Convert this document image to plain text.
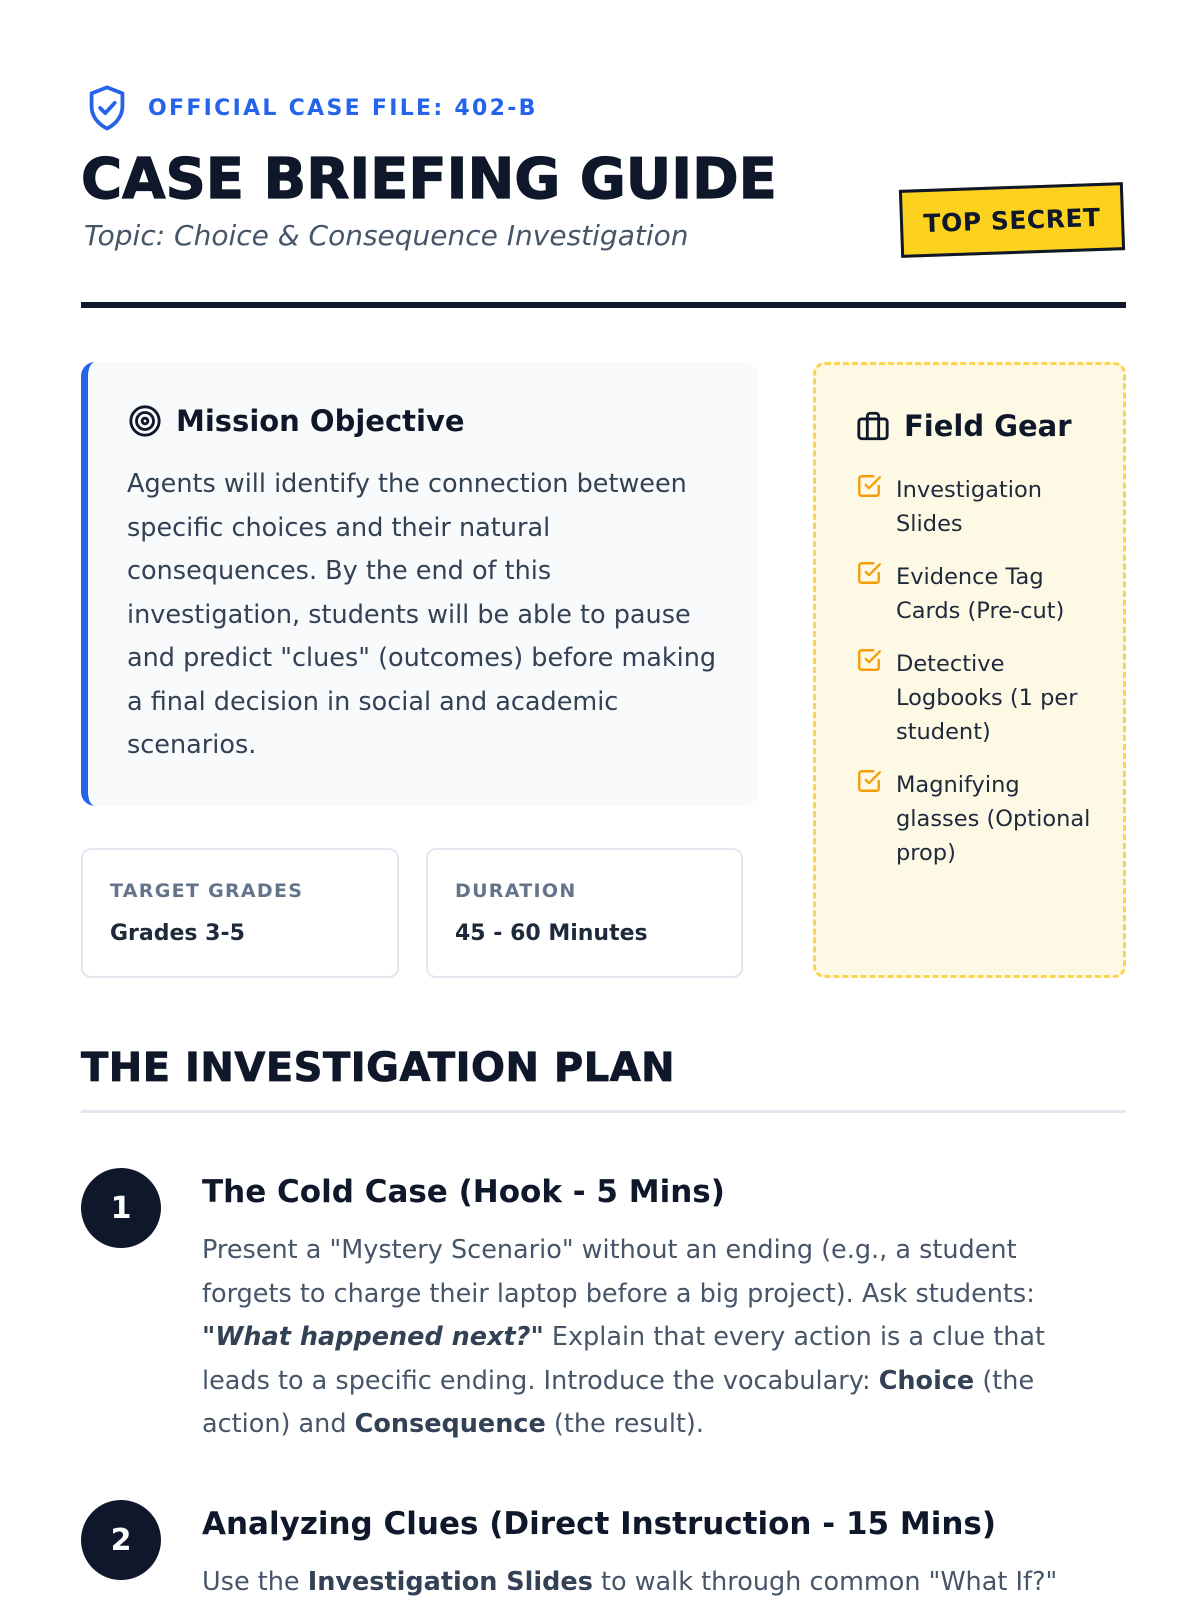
OFFICIAL CASE FILE: 402-B
CASE BRIEFING GUIDE
Topic: Choice & Consequence Investigation	TOP SECRET
Mission Objective

Agents will identify the connection between specific choices and their natural consequences. By the end of this investigation, students will be able to pause and predict "clues" (outcomes) before making a final decision in social and academic scenarios.

TARGET GRADES
Grades 3-5
DURATION
45 - 60 Minutes
Field Gear
Investigation Slides
Evidence Tag Cards (Pre-cut)
Detective Logbooks (1 per student)
Magnifying glasses (Optional prop)
THE INVESTIGATION PLAN
1	The Cold Case (Hook - 5 Mins)

Present a "Mystery Scenario" without an ending (e.g., a student forgets to charge their laptop before a big project). Ask students: "What happened next?" Explain that every action is a clue that leads to a specific ending. Introduce the vocabulary: Choice (the action) and Consequence (the result).

2	Analyzing Clues (Direct Instruction - 15 Mins)

Use the Investigation Slides to walk through common "What If?"
